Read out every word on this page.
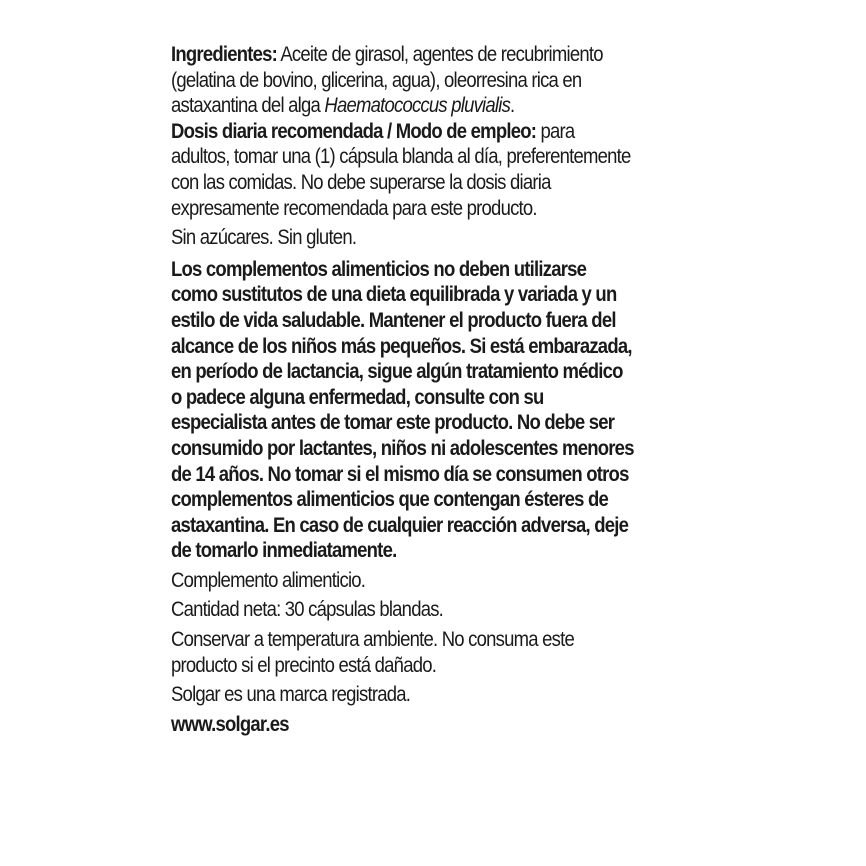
Ingredientes: Aceite de girasol, agentes de recubrimiento (gelatina de bovino, glicerina, agua), oleorresina rica en astaxantina del alga Haematococcus pluvialis.

Dosis diaria recomendada / Modo de empleo: para adultos, tomar una (1) cápsula blanda al día, preferentemente con las comidas. No debe superarse la dosis diaria expresamente recomendada para este producto.

Sin azúcares. Sin gluten.

Los complementos alimenticios no deben utilizarse como sustitutos de una dieta equilibrada y variada y un estilo de vida saludable. Mantener el producto fuera del alcance de los niños más pequeños. Si está embarazada, en período de lactancia, sigue algún tratamiento médico o padece alguna enfermedad, consulte con su especialista antes de tomar este producto. No debe ser consumido por lactantes, niños ni adolescentes menores de 14 años. No tomar si el mismo día se consumen otros complementos alimenticios que contengan ésteres de astaxantina. En caso de cualquier reacción adversa, deje de tomarlo inmediatamente.

Complemento alimenticio.

Cantidad neta: 30 cápsulas blandas.

Conservar a temperatura ambiente. No consuma este producto si el precinto está dañado.

Solgar es una marca registrada.

www.solgar.es
